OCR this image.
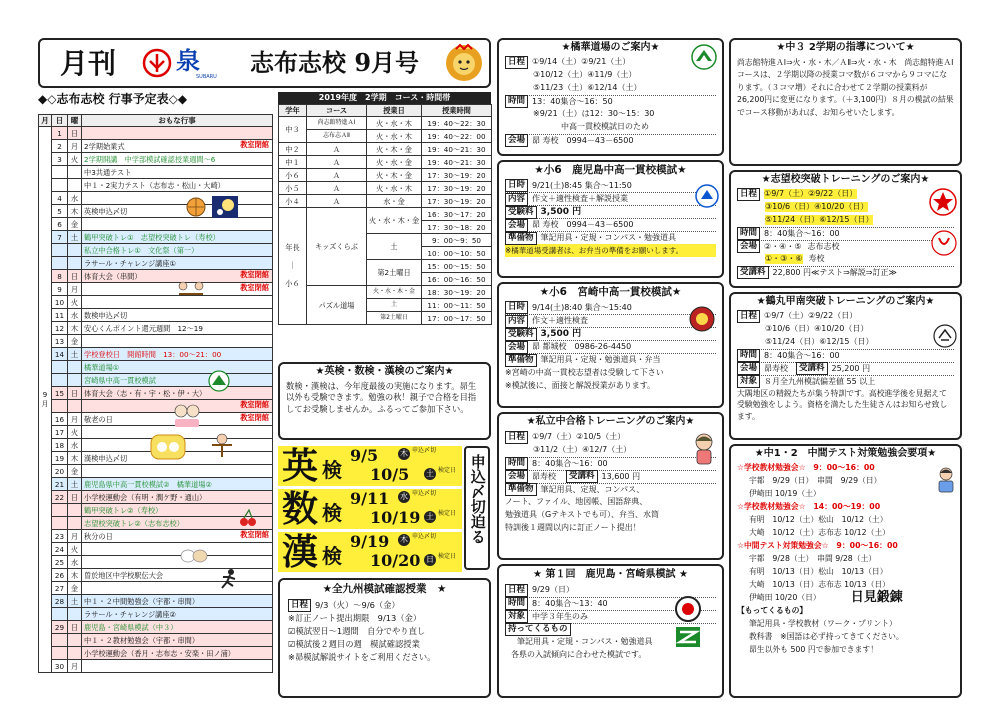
月刊 泉
SUBARU 志布志校 9月号
◆◇志布志校 行事予定表◇◆
月	日	曜	おもな行事
9月	1	日	

	2	月	2学期始業式 教室閉館

	3	火	2学期開講　中学部模試確認授業週間～6

			中3共通テスト

			中１・2実力テスト（志布志・松山・大崎）

	4	水	

	5	木	英検申込〆切

	6	金	

	7	土	鶴甲突破トレ①　志望校突破トレ（寿校）

			私立中合格トレ①　文化祭（第一）

			ラサール・チャレンジ講座①

	8	日	体育大会（串間） 教室閉館

	9	月	教室閉館

	10	火	

	11	水	数検申込〆切

	12	木	安心くんポイント還元週間　12～19

	13	金	

	14	土	学校登校日　開館時間　13：00～21：00

			橘華道場①

			宮崎県中高一貫校模試

	15	日	体育大会（志・有・宇・松・伊・大）

			教室閉館

	16	月	敬老の日 教室閉館

	17	火	

	18	水	

	19	木	漢検申込〆切

	20	金	

	21	土	鹿児島県中高一貫校模試②　橘華道場②

	22	日	小学校運動会（有明・潤ケ野・通山）

			鶴甲突破トレ②（寿校）

			志望校突破トレ②（志布志校）

	23	月	秋分の日 教室閉館

	24	火	

	25	水	

	26	木	曽於地区中学校駅伝大会

	27	金	

	28	土	中１・２中間勉強会（宇都・串間）

			ラサール・チャレンジ講座②

	29	日	鹿児島・宮崎県模試（中３）

			中１・２教材勉強会（宇都・串間）

			小学校運動会（香月・志布志・安楽・田ノ浦）

	30	月	
2019年度　2学期　コース・時間帯
学年	コース	授業日	授業時間
中３	尚志館特進ＡⅠ	火・水・木	19：40～22：30
	志布志ＡⅡ	火・水・木	19：40～22：00
中２	Ａ	火・木・金	19：40～21：30
中１	Ａ	火・水・金	19：40～21：30
小６	Ａ	火・木・金	17：30～19：20
小５	Ａ	火・水・木	17：30～19：20
小４	Ａ	水・金	17：30～19：20

年長
｜
小６	キッズくらぶ	火・水・木・金	16：30～17：20
			17：30～18：20
		土	9：00～9：50
			10：00～10：50
		第2土曜日	15：00～15：50
			16：00～16：50
	パズル道場	火・水・木・金	18：30～19：20
		土	11：00～11：50
		第2土曜日	17：00～17：50
★英検・数検・漢検のご案内★
数検・漢検は、今年度最後の実施になります。昴生以外も受験できます。勉強の秋！親子で合格を目指してお受験しませんか。ふるってご参加下さい。
英 検
9/5	木 申込〆切
10/5 土 検定日
数 検
9/11 水 申込〆切
10/19 土 検定日
漢 検
9/19 木 申込〆切
10/20 日 検定日
申込〆切迫る
★全九州模試確認授業　★
日程 9/3（火）～9/6（金）
※訂正ノート提出期限　9/13（金）
☑模試翌日～1週間　自分でやり直し
☑模試後２週目の週　模試確認授業
※昴模試解説サイトをご利用ください。
★橘華道場のご案内★
日程 ①9/14（土）②9/21（土）
③10/12（土）④11/9（土）
⑤11/23（土）⑥12/14（土）
時間 13：40集合～16：50
※9/21（土）は12：30～15：30
中高一貫校模試日のため
会場 昴 寿校　0994－43－6500
★小6　鹿児島中高一貫校模試★
日時 9/21(土)8:45 集合～11:50
内容 作文＋適性検査＋解説授業
受験料 3,500 円
会場 昴 寿校　0994－43－6500
準備物 筆記用具・定規・コンパス・勉強道具
※橘華道場受講者は、お弁当の準備をお願いします。
★小6　宮崎中高一貫校模試★
日時 9/14(土)8:40 集合～15:40
内容 作文＋適性検査
受験料 3,500 円
会場 昴 都城校　0986-26-4450
準備物 筆記用具・定規・勉強道具・弁当
※宮崎の中高一貫校志望者は受験して下さい
※模試後に、面接と解説授業があります。
★私立中合格トレーニングのご案内★
日程 ①9/7（土）②10/5（土）
③11/2（土）④12/7（土）
時間 8：40集合～16：00
会場 昴寿校	受講料 13,600 円
準備物 筆記用具、定規、コンパス、
ノート、ファイル、地図帳、国語辞典、
勉強道具（Gテキストでも可）、弁当、水筒
特訓後１週間以内に訂正ノート提出！
★ 第１回　鹿児島・宮崎県模試 ★
日程 9/29（日）
時間 8：40集合～13：40
対象 中学３年生のみ
持ってくるもの
筆記用具・定規・コンパス・勉強道具
各県の入試傾向に合わせた模試です。
★中３ 2学期の指導について★
尚志館特進ＡⅠ⇒火・水・木／ＡⅡ⇒火・水・木　尚志館特進ＡⅠコースは、２学期以降の授業コマ数が６コマから９コマになります。（３コマ増）それに合わせて２学期の授業料が26,200円に変更になります。（＋3,100円）８月の模試の結果でコース移動があれば、お知らせいたします。
★志望校突破トレーニングのご案内★
日程 ①9/7（土）②9/22（日）
③10/6（日）④10/20（日）
⑤11/24（日）⑥12/15（日）
時間 8：40集合～16：00
会場 ②・④・⑤ 志布志校
①・③・⑥ 寿校
受講料 22,800 円≪テスト⇒解説⇒訂正≫
★鶴丸甲南突破トレーニングのご案内★
日程 ①9/7（土）②9/22（日）
③10/6（日）④10/20（日）
⑤11/24（日）⑥12/15（日）
時間 8：40集合～16：00
会場 昴寿校	受講料 25,200 円
対象 ８月全九州模試偏差値 55 以上
大隅地区の精鋭たちが集う特訓です。高校進学後を見据えて受験勉強をしよう。資格を満たした生徒さんはお知らせ致します。
★中1・2　中間テスト対策勉強会要項★
☆学校教材勉強会☆　9：00～16：00
宇都　9/29（日）　串間　9/29（日）
伊崎田 10/19（土）
☆学校教材勉強会☆　14：00～19：00
有明　10/12（土）松山　10/12（土）
大崎　10/12（土）志布志 10/12（土）
☆中間テスト対策勉強会☆　9：00～16：00
宇都　9/28（土）　串間 9/28（土）
有明　10/13（日）松山　10/13（日）
大崎　10/13（日）志布志 10/13（日）
伊崎田 10/20（日） 日見鍛錬
【もってくるもの】
筆記用具・学校教材（ワーク・プリント）
教科書　※国語は必ず持ってきてください。
昴生以外も 500 円で参加できます！
